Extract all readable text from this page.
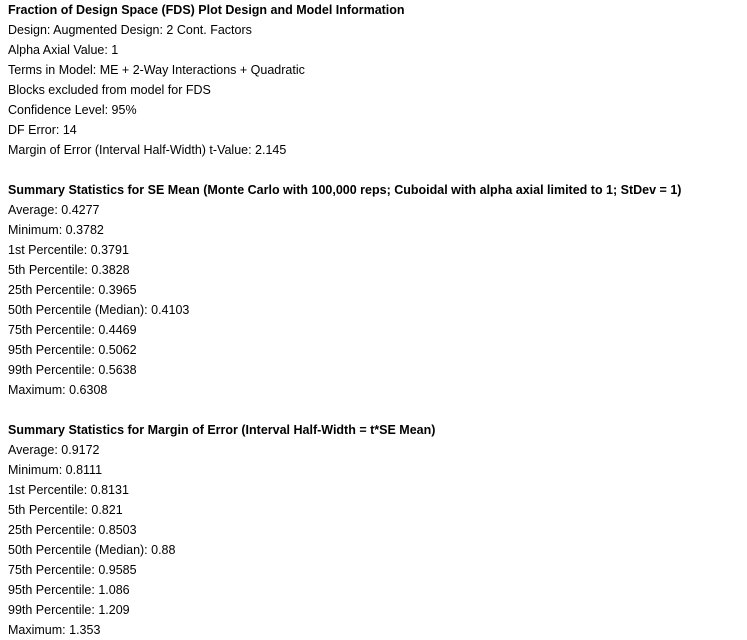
Fraction of Design Space (FDS) Plot Design and Model Information
Design: Augmented Design: 2 Cont. Factors
Alpha Axial Value: 1
Terms in Model: ME + 2-Way Interactions + Quadratic
Blocks excluded from model for FDS
Confidence Level: 95%
DF Error: 14
Margin of Error (Interval Half-Width) t-Value: 2.145
Summary Statistics for SE Mean (Monte Carlo with 100,000 reps; Cuboidal with alpha axial limited to 1; StDev = 1)
Average: 0.4277
Minimum: 0.3782
1st Percentile: 0.3791
5th Percentile: 0.3828
25th Percentile: 0.3965
50th Percentile (Median): 0.4103
75th Percentile: 0.4469
95th Percentile: 0.5062
99th Percentile: 0.5638
Maximum: 0.6308
Summary Statistics for Margin of Error (Interval Half-Width = t*SE Mean)
Average: 0.9172
Minimum: 0.8111
1st Percentile: 0.8131
5th Percentile: 0.821
25th Percentile: 0.8503
50th Percentile (Median): 0.88
75th Percentile: 0.9585
95th Percentile: 1.086
99th Percentile: 1.209
Maximum: 1.353
